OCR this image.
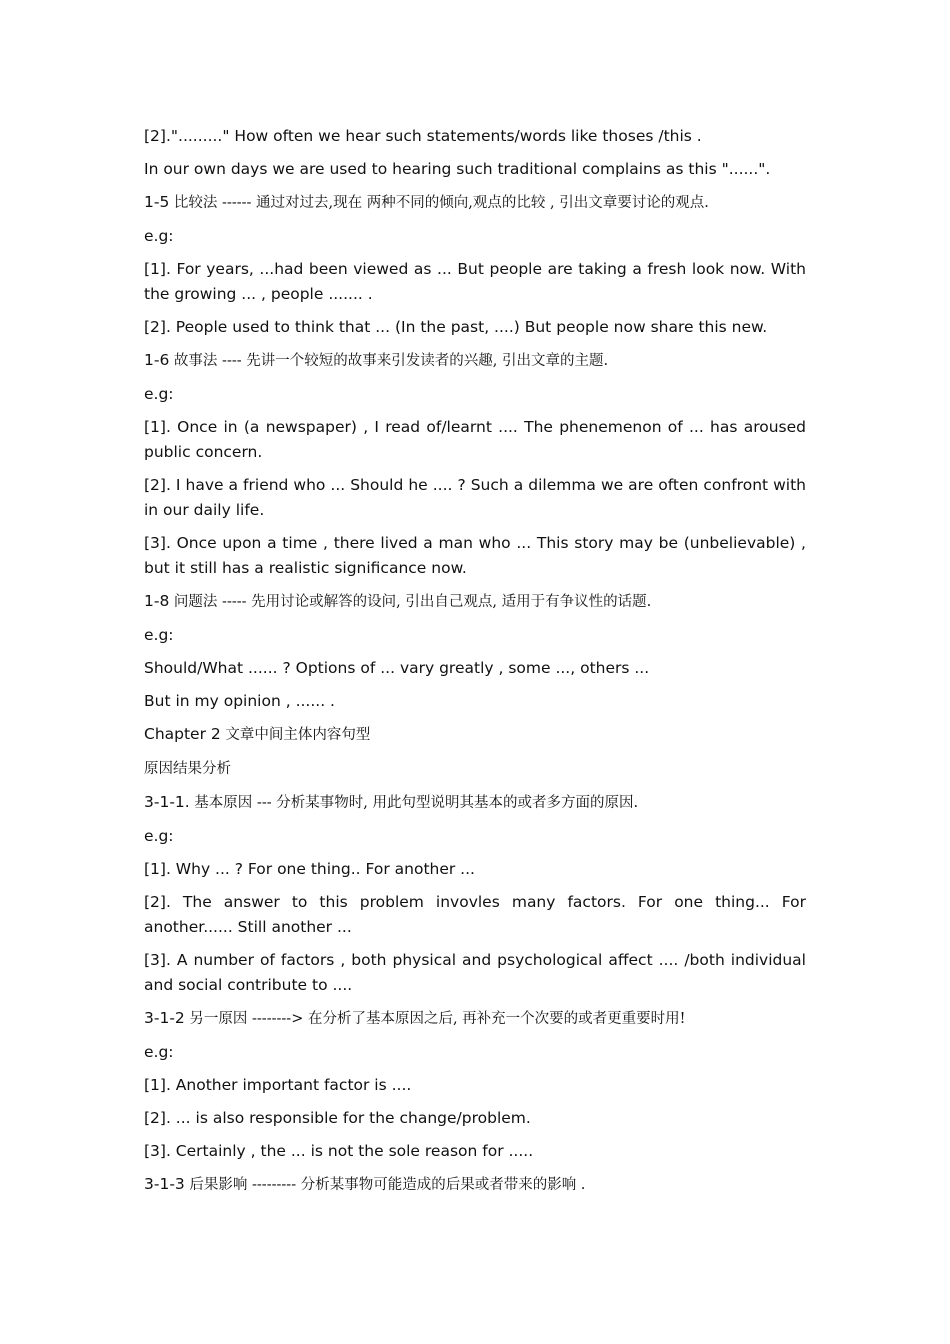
[2]."........." How often we hear such statements/words like thoses /this .

In our own days we are used to hearing such traditional complains as this "......".

1-5 比较法 ------ 通过对过去,现在 两种不同的倾向,观点的比较 , 引出文章要讨论的观点.

e.g:

[1]. For years, ...had been viewed as ... But people are taking a fresh look now. With the growing ... , people ....... .

[2]. People used to think that ... (In the past, ....) But people now share this new.

1-6 故事法 ---- 先讲一个较短的故事来引发读者的兴趣, 引出文章的主题.

e.g:

[1]. Once in (a newspaper) , I read of/learnt .... The phenemenon of ... has aroused public concern.

[2]. I have a friend who ... Should he .... ? Such a dilemma we are often confront with in our daily life.

[3]. Once upon a time , there lived a man who ... This story may be (unbelievable) , but it still has a realistic significance now.

1-8 问题法 ----- 先用讨论或解答的设问, 引出自己观点, 适用于有争议性的话题.

e.g:

Should/What ...... ? Options of ... vary greatly , some ..., others ...

But in my opinion , ...... .

Chapter 2 文章中间主体内容句型

原因结果分析

3-1-1. 基本原因 --- 分析某事物时, 用此句型说明其基本的或者多方面的原因.

e.g:

[1]. Why ... ? For one thing.. For another ...

[2]. The answer to this problem invovles many factors. For one thing... For another...... Still another ...

[3]. A number of factors , both physical and psychological affect .... /both individual and social contribute to ....

3-1-2 另一原因 --------> 在分析了基本原因之后, 再补充一个次要的或者更重要时用!

e.g:

[1]. Another important factor is ....

[2]. ... is also responsible for the change/problem.

[3]. Certainly , the ... is not the sole reason for .....

3-1-3 后果影响 --------- 分析某事物可能造成的后果或者带来的影响 .
